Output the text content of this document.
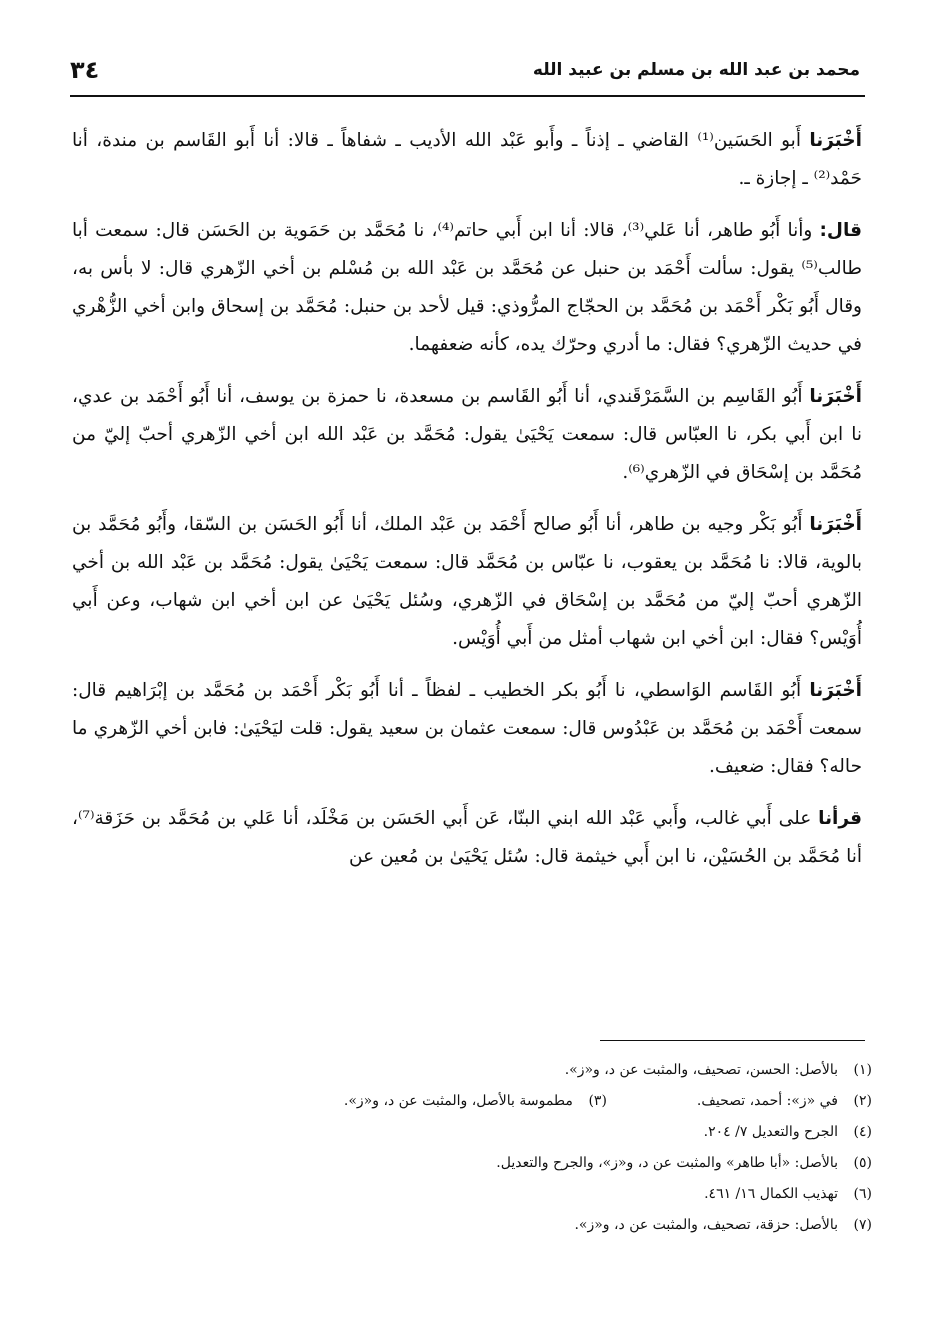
٣٤	محمد بن عبد الله بن مسلم بن عبيد الله

أَخْبَرَنا أَبو الحَسَين⁽¹⁾ القاضي ـ إذناً ـ وأَبو عَبْد الله الأديب ـ شفاهاً ـ قالا: أنا أَبو القَاسم بن مندة، أنا حَمْد⁽²⁾ ـ إجازة ـ.

قال: وأنا أَبُو طاهر، أنا عَلي⁽³⁾، قالا: أنا ابن أَبي حاتم⁽⁴⁾، نا مُحَمَّد بن حَمَوية بن الحَسَن قال: سمعت أبا طالب⁽⁵⁾ يقول: سألت أَحْمَد بن حنبل عن مُحَمَّد بن عَبْد الله بن مُسْلم بن أخي الزّهري قال: لا بأس به، وقال أَبُو بَكْر أَحْمَد بن مُحَمَّد بن الحجّاج المرُّوذي: قيل لأحد بن حنبل: مُحَمَّد بن إسحاق وابن أخي الزُّهْري في حديث الزّهري؟ فقال: ما أدري وحرّك يده، كأنه ضعفهما.

أَخْبَرَنا أَبُو القَاسِم بن السَّمَرْقَندي، أنا أَبُو القَاسم بن مسعدة، نا حمزة بن يوسف، أنا أَبُو أَحْمَد بن عدي، نا ابن أَبي بكر، نا العبّاس قال: سمعت يَحْيَىٰ يقول: مُحَمَّد بن عَبْد الله ابن أخي الزّهري أحبّ إليّ من مُحَمَّد بن إسْحَاق في الزّهري⁽⁶⁾.

أَخْبَرَنا أَبُو بَكْر وجيه بن طاهر، أنا أَبُو صالح أَحْمَد بن عَبْد الملك، أنا أَبُو الحَسَن بن السّقا، وأَبُو مُحَمَّد بن بالوية، قالا: نا مُحَمَّد بن يعقوب، نا عبّاس بن مُحَمَّد قال: سمعت يَحْيَىٰ يقول: مُحَمَّد بن عَبْد الله بن أخي الزّهري أحبّ إليّ من مُحَمَّد بن إسْحَاق في الزّهري، وسُئل يَحْيَىٰ عن ابن أخي ابن شهاب، وعن أَبي أُوَيْس؟ فقال: ابن أخي ابن شهاب أمثل من أَبي أُوَيْس.

أَخْبَرَنا أَبُو القَاسم الوَاسطي، نا أَبُو بكر الخطيب ـ لفظاً ـ أنا أَبُو بَكْر أَحْمَد بن مُحَمَّد بن إبْرَاهيم قال: سمعت أَحْمَد بن مُحَمَّد بن عَبْدُوس قال: سمعت عثمان بن سعيد يقول: قلت ليَحْيَىٰ: فابن أخي الزّهري ما حاله؟ فقال: ضعيف.

قرأنا على أَبي غالب، وأَبي عَبْد الله ابني البنّا، عَن أَبي الحَسَن بن مَخْلَد، أنا عَلي بن مُحَمَّد بن حَزَقة⁽⁷⁾، أنا مُحَمَّد بن الحُسَيْن، نا ابن أَبي خيثمة قال: سُئل يَحْيَىٰ بن مُعين عن

(١)بالأصل: الحسن، تصحيف، والمثبت عن د، و«ز».
(٢)في «ز»: أحمد، تصحيف.
(٣)مطموسة بالأصل، والمثبت عن د، و«ز».
(٤)الجرح والتعديل ٧/ ٢٠٤.
(٥)بالأصل: «أبا طاهر» والمثبت عن د، و«ز»، والجرح والتعديل.
(٦)تهذيب الكمال ١٦/ ٤٦١.
(٧)بالأصل: حزقة، تصحيف، والمثبت عن د، و«ز».
